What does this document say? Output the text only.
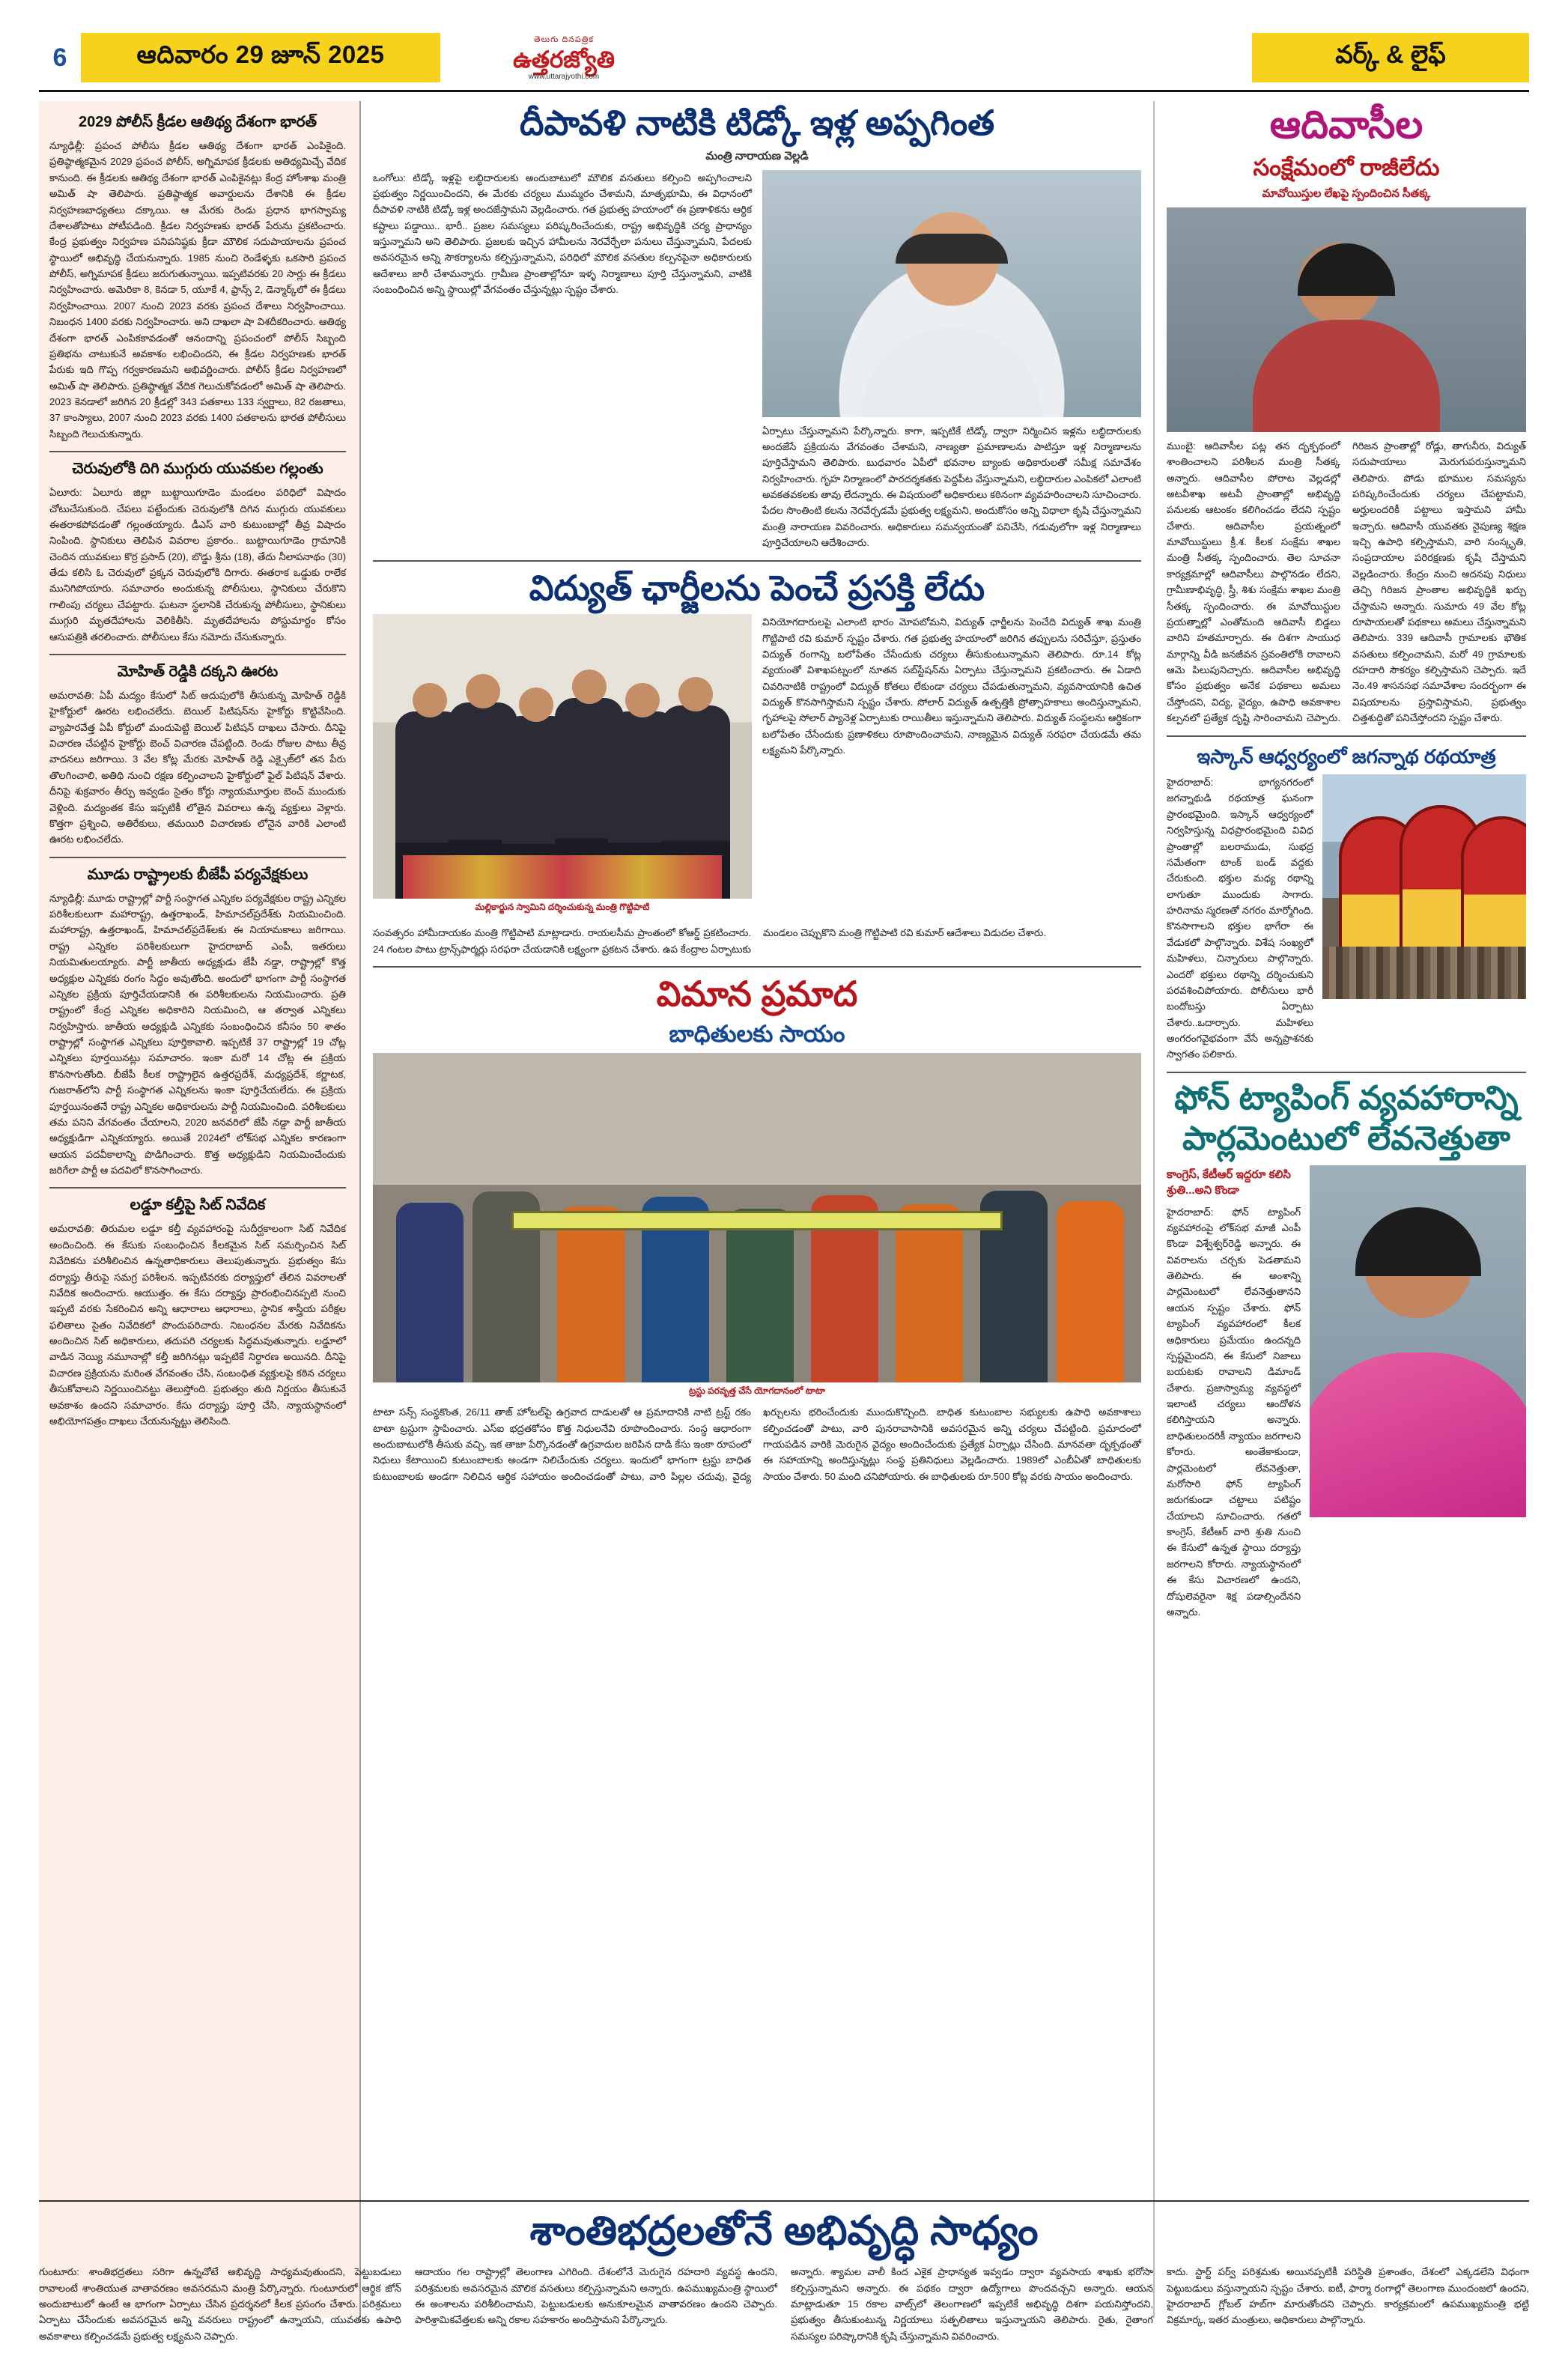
6	ఆదివారం 29 జూన్ 2025
తెలుగు దినపత్రిక
ఉత్తరజ్యోతి
www.uttarajyothi.com
వర్క్ & లైఫ్
2029 పోలీస్ క్రీడల ఆతిథ్య దేశంగా భారత్
న్యూఢిల్లీ: ప్రపంచ పోలీసు క్రీడల ఆతిథ్య దేశంగా భారత్ ఎంపికైంది. ప్రతిష్ఠాత్మకమైన 2029 ప్రపంచ పోలీస్, అగ్నిమాపక క్రీడలకు ఆతిథ్యమిచ్చే వేదిక కానుంది. ఈ క్రీడలకు ఆతిథ్య దేశంగా భారత్ ఎంపికైనట్లు కేంద్ర హోంశాఖ మంత్రి అమిత్ షా తెలిపారు. ప్రతిష్ఠాత్మక అవార్డులను దేశానికి ఈ క్రీడల నిర్వహణబాధ్యతలు దక్కాయి. ఆ మేరకు రెండు ప్రధాన భాగస్వామ్య దేశాలతోపాటు పోటీపడింది. క్రీడల నిర్వహణకు భారత్ పేరును ప్రకటించారు. కేంద్ర ప్రభుత్వం నిర్వహణ పనిపనిష్ఠకు క్రీడా మౌలిక సదుపాయాలను ప్రపంచ స్థాయిలో అభివృద్ధి చేయనున్నారు. 1985 నుంచి రెండేళ్ళకు ఒకసారి ప్రపంచ పోలీస్, అగ్నిమాపక క్రీడలు జరుగుతున్నాయి. ఇప్పటివరకు 20 సార్లు ఈ క్రీడలు నిర్వహించారు. అమెరికా 8, కెనడా 5, యూకే 4, ఫ్రాన్స్ 2, డెన్మార్క్‌లో ఈ క్రీడలు నిర్వహించాయి. 2007 నుంచి 2023 వరకు ప్రపంచ దేశాలు నిర్వహించాయి. నిబంధన 1400 వరకు నిర్వహించారు. అని దాఖలా షా విశదీకరించారు. ఆతిథ్య దేశంగా భారత్ ఎంపికకావడంతో ఆనందాన్ని ప్రపంచంలో పోలీస్ సిబ్బంది ప్రతిభను చాటుకునే అవకాశం లభించిందని, ఈ క్రీడల నిర్వహణకు భారత్ పేరుకు ఇది గొప్ప గర్వకారణమని అభివర్ణించారు. పోలీస్ క్రీడల నిర్వహణలో అమిత్ షా తెలిపారు. ప్రతిష్ఠాత్మక వేదిక గెలుచుకోవడంలో అమిత్ షా తెలిపారు. 2023 కెనడాలో జరిగిన 20 క్రీడల్లో 343 పతకాలు 133 స్వర్ణాలు, 82 రజతాలు, 37 కాంస్యాలు, 2007 నుంచి 2023 వరకు 1400 పతకాలను భారత పోలీసులు సిబ్బంది గెలుచుకున్నారు.
చెరువులోకి దిగి ముగ్గురు యువకుల గల్లంతు
ఏలూరు: ఏలూరు జిల్లా బుట్టాయిగూడెం మండలం పరిధిలో విషాదం చోటుచేసుకుంది. చేపలు పట్టేందుకు చెరువులోకి దిగిన ముగ్గురు యువకులు ఈతరాకపోవడంతో గల్లంతయ్యారు. డీఎస్ వారి కుటుంబాల్లో తీవ్ర విషాదం నింపింది. స్థానికులు తెలిపిన వివరాల ప్రకారం.. బుట్టాయిగూడెం గ్రామానికి చెందిన యువకులు కొర్ర ప్రసాద్ (20), బొడ్డు శ్రీను (18), తేదు నీలాపనాథం (30) తేడు కలిసి ఓ చెరువులో ప్రక్కన చెరువులోకి దిగారు. ఈతరాక ఒడ్డుకు రాలేక మునిగిపోయారు. సమాచారం అందుకున్న పోలీసులు, స్థానికులు చేరుకొని గాలింపు చర్యలు చేపట్టారు. ఘటనా స్థలానికి చేరుకున్న పోలీసులు, స్థానికులు ముగ్గురి మృతదేహాలను వెలికితీసి. మృతదేహాలను పోస్టుమార్టం కోసం ఆసుపత్రికి తరలించారు. పోలీసులు కేసు నమోదు చేసుకున్నారు.
మోహిత్ రెడ్డికి దక్కని ఊరట
అమరావతి: ఏపీ మద్యం కేసులో సిట్ అదుపులోకి తీసుకున్న మోహిత్ రెడ్డికి హైకోర్టులో ఊరట లభించలేదు. బెయిల్ పిటిషన్‌ను హైకోర్టు కొట్టివేసింది. వ్యాపారవేత్త ఏపీ కోర్టులో మందుపెట్టి బెయిల్ పిటిషన్ దాఖలు చేసారు. దీనిపై విచారణ చేపట్టిన హైకోర్టు బెంచ్ విచారణ చేపట్టింది. రెండు రోజుల పాటు తీవ్ర వాదనలు జరిగాయి. 3 వేల కోట్ల మేరకు మోహిత్ రెడ్డి ఎక్సైజ్‌లో తన పేరు తొలగించాలి, అతిథి నుంచి రక్షణ కల్పించాలని హైకోర్టులో ఫైల్ పిటిషన్ వేశారు. దీనిపై శుక్రవారం తీర్పు ఇవ్వడం సైతం కోర్టు న్యాయమూర్తుల బెంచ్ ముందుకు వెళ్లింది. మద్యంతక కేసు ఇప్పటికీ లోతైన వివరాలు ఉన్న వ్యక్తులు వెళ్లారు. కొత్తగా ప్రశ్నించి, అతిరేకులు, తమయిరి విచారణకు లోనైన వారికి ఎలాంటి ఊరట లభించలేదు.
మూడు రాష్ట్రాలకు బీజేపీ పర్యవేక్షకులు
న్యూఢిల్లీ: మూడు రాష్ట్రాల్లో పార్టీ సంస్థాగత ఎన్నికల పర్యవేక్షకుల రాష్ట్ర ఎన్నికల పరిశీలకులుగా మహారాష్ట్ర, ఉత్తరాఖండ్, హిమాచల్‌ప్రదేశ్‌కు నియమించింది. మహారాష్ట్ర, ఉత్తరాఖండ్, హిమాచల్‌ప్రదేశ్‌లకు ఈ నియామకాలు జరిగాయి. రాష్ట్ర ఎన్నికల పరిశీలకులుగా హైదరాబాద్ ఎంపీ, ఇతరులు నియమితులయ్యారు. పార్టీ జాతీయ అధ్యక్షుడు జేపీ నడ్డా, రాష్ట్రాల్లో కొత్త అధ్యక్షుల ఎన్నికకు రంగం సిద్ధం అవుతోంది. అందులో భాగంగా పార్టీ సంస్థాగత ఎన్నికల ప్రక్రియ పూర్తిచేయడానికి ఈ పరిశీలకులను నియమించారు. ప్రతి రాష్ట్రంలో కేంద్ర ఎన్నికల అధికారిని నియమించి, ఆ తర్వాత ఎన్నికలు నిర్వహిస్తారు. జాతీయ అధ్యక్షుడి ఎన్నికకు సంబంధించిన కనీసం 50 శాతం రాష్ట్రాల్లో సంస్థాగత ఎన్నికలు పూర్తికావాలి. ఇప్పటికే 37 రాష్ట్రాల్లో 19 చోట్ల ఎన్నికలు పూర్తయినట్లు సమాచారం. ఇంకా మరో 14 చోట్ల ఈ ప్రక్రియ కొనసాగుతోంది. బీజేపీ కీలక రాష్ట్రాలైన ఉత్తరప్రదేశ్, మధ్యప్రదేశ్, కర్ణాటక, గుజరాత్‌లోని పార్టీ సంస్థాగత ఎన్నికలను ఇంకా పూర్తిచేయలేదు. ఈ ప్రక్రియ పూర్తయినంతనే రాష్ట్ర ఎన్నికల అధికారులను పార్టీ నియమించింది. పరిశీలకులు తమ పనిని వేగవంతం చేయాలని, 2020 జనవరిలో జేపీ నడ్డా పార్టీ జాతీయ అధ్యక్షుడిగా ఎన్నికయ్యారు. అయితే 2024లో లోక్‌సభ ఎన్నికల కారణంగా ఆయన పదవీకాలాన్ని పొడిగించారు. కొత్త అధ్యక్షుడిని నియమించేందుకు జరిగేలా పార్టీ ఆ పదవిలో కొనసాగించారు.
లడ్డూ కల్తీపై సిట్ నివేదిక
అమరావతి: తిరుమల లడ్డూ కల్తీ వ్యవహారంపై సుదీర్ఘకాలంగా సిట్ నివేదిక అందించింది. ఈ కేసుకు సంబంధించిన కీలకమైన సిట్ సమర్పించిన సిట్ నివేదికను పరిశీలించిన ఉన్నతాధికారులు తెలుపుతున్నారు. ప్రభుత్వం కేసు దర్యాప్తు తీరుపై సమగ్ర పరిశీలన. ఇప్పటివరకు దర్యాప్తులో తేలిన వివరాలతో నివేదిక అందించారు. ఆయుత్తం. ఈ కేసు దర్యాప్తు ప్రారంభించినప్పటి నుంచి ఇప్పటి వరకు సేకరించిన అన్ని ఆధారాలు ఆధారాలు, స్థానిక శాస్త్రీయ పరీక్షల ఫలితాలు సైతం నివేదికలో పొందుపరిచారు. నిబంధనల మేరకు నివేదికను అందించిన సిట్ అధికారులు, తదుపరి చర్యలకు సిద్ధమవుతున్నారు. లడ్డూలో వాడిన నెయ్యి నమూనాల్లో కల్తీ జరిగినట్లు ఇప్పటికే నిర్ధారణ అయినది. దీనిపై విచారణ ప్రక్రియను మరింత వేగవంతం చేసి, సంబంధిత వ్యక్తులపై కఠిన చర్యలు తీసుకోవాలని నిర్ణయించినట్టు తెలుస్తోంది. ప్రభుత్వం తుది నిర్ణయం తీసుకునే అవకాశం ఉందని సమాచారం. కేసు దర్యాప్తు పూర్తి చేసి, న్యాయస్థానంలో అభియోగపత్రం దాఖలు చేయనున్నట్టు తెలిసింది.
దీపావళి నాటికి టిడ్కో ఇళ్ల అప్పగింత
మంత్రి నారాయణ వెల్లడి
ఒంగోలు: టిడ్కో ఇళ్లపై లబ్ధిదారులకు అందుబాటులో మౌలిక వసతులు కల్పించి అప్పగించాలని ప్రభుత్వం నిర్ణయించిందని, ఈ మేరకు చర్యలు ముమ్మరం చేశామని, మాతృభూమి, ఈ విధానంలో దీపావళి నాటికి టిడ్కో ఇళ్ల అందజేస్తామని వెల్లడించారు. గత ప్రభుత్వ హయాంలో ఈ ప్రణాళికను ఆర్థిక కష్టాలు పడ్డాయి.. భారీ.. ప్రజల సమస్యలు పరిష్కరించేందుకు, రాష్ట్ర అభివృద్ధికి చర్య ప్రాధాన్యం ఇస్తున్నామని అని తెలిపారు. ప్రజలకు ఇచ్చిన హామీలను నెరవేర్చేలా పనులు చేస్తున్నామని, పేదలకు అవసరమైన అన్ని సౌకర్యాలను కల్పిస్తున్నామని, పరిధిలో మౌలిక వసతుల కల్పనపైనా అధికారులకు ఆదేశాలు జారీ చేశామన్నారు. గ్రామీణ ప్రాంతాల్లోనూ ఇళ్ళ నిర్మాణాలు పూర్తి చేస్తున్నామని, వాటికి సంబంధించిన అన్ని స్థాయిల్లో వేగవంతం చేస్తున్నట్లు స్పష్టం చేశారు.
ఏర్పాటు చేస్తున్నామని పేర్కొన్నారు. కాగా, ఇప్పటికే టిడ్కో ద్వారా నిర్మించిన ఇళ్లను లబ్ధిదారులకు అందజేసే ప్రక్రియను వేగవంతం చేశామని, నాణ్యతా ప్రమాణాలను పాటిస్తూ ఇళ్ల నిర్మాణాలను పూర్తిచేస్తామని తెలిపారు. బుధవారం ఏపీలో భవనాల బ్యాంకు అధికారులతో సమీక్ష సమావేశం నిర్వహించారు. గృహ నిర్మాణంలో పారదర్శకతకు పెద్దపీట వేస్తున్నామని, లబ్ధిదారుల ఎంపికలో ఎలాంటి అవకతవకలకు తావు లేదన్నారు. ఈ విషయంలో అధికారులు కఠినంగా వ్యవహరించాలని సూచించారు. పేదల సొంతింటి కలను నెరవేర్చడమే ప్రభుత్వ లక్ష్యమని, అందుకోసం అన్ని విధాలా కృషి చేస్తున్నామని మంత్రి నారాయణ వివరించారు. అధికారులు సమన్వయంతో పనిచేసి, గడువులోగా ఇళ్ల నిర్మాణాలు పూర్తిచేయాలని ఆదేశించారు.
విద్యుత్ ఛార్జీలను పెంచే ప్రసక్తి లేదు
మల్లికార్జున స్వామిని దర్శించుకున్న మంత్రి గొట్టిపాటి
వినియోగదారులపై ఎలాంటి భారం మోపబోమని, విద్యుత్ ఛార్జీలను పెంచేది విద్యుత్ శాఖ మంత్రి గొట్టిపాటి రవి కుమార్ స్పష్టం చేశారు. గత ప్రభుత్వ హయాంలో జరిగిన తప్పులను సరిచేస్తూ, ప్రస్తుతం విద్యుత్ రంగాన్ని బలోపేతం చేసేందుకు చర్యలు తీసుకుంటున్నామని తెలిపారు. రూ.14 కోట్ల వ్యయంతో విశాఖపట్నంలో నూతన సబ్‌స్టేషన్‌ను ఏర్పాటు చేస్తున్నామని ప్రకటించారు. ఈ ఏడాది చివరినాటికి రాష్ట్రంలో విద్యుత్ కోతలు లేకుండా చర్యలు చేపడుతున్నామని, వ్యవసాయానికి ఉచిత విద్యుత్ కొనసాగిస్తామని స్పష్టం చేశారు. సోలార్ విద్యుత్ ఉత్పత్తికి ప్రోత్సాహకాలు అందిస్తున్నామని, గృహాలపై సోలార్ ప్యానెళ్ల ఏర్పాటుకు రాయితీలు ఇస్తున్నామని తెలిపారు. విద్యుత్ సంస్థలను ఆర్థికంగా బలోపేతం చేసేందుకు ప్రణాళికలు రూపొందించామని, నాణ్యమైన విద్యుత్ సరఫరా చేయడమే తమ లక్ష్యమని పేర్కొన్నారు.
సంవత్సరం హామీదాయకం మంత్రి గొట్టిపాటి మాట్లాడారు. రాయలసీమ ప్రాంతంలో కోఆర్డ్ ప్రకటించారు. 24 గంటల పాటు ట్రాన్స్‌ఫార్మర్లు సరఫరా చేయడానికి లక్ష్యంగా ప్రకటన చేశారు. ఉప కేంద్రాల ఏర్పాటుకు మండలం చెప్పుకొని మంత్రి గొట్టిపాటి రవి కుమార్ ఆదేశాలు విడుదల చేశారు.
విమాన ప్రమాద
బాధితులకు సాయం
ట్రస్టు పరవృత్త చేసే యోగదానంలో టాటా
టాటా సన్స్ సంస్థకొంత, 26/11 తాజ్ హోటల్‌పై ఉగ్రవాద దాడులతో ఆ ప్రమాదానికి నాటి ట్రస్ట్ రకం టాటా ట్రస్టుగా స్థాపించారు. ఎస్ఐ భద్రతకోసం కొత్త నిధులనేవి రూపొందించారు. సంస్థ ఆధారంగా అందుబాటులోకి తీసుకు వచ్చి. ఇక తాజా పేర్కొనడంతో ఉగ్రవాదుల జరిపిన దాడి కేసు ఇంకా రూపంలో నిధులు కేటాయించి కుటుంబాలకు అండగా నిలిచేందుకు చర్యలు. ఇందులో భాగంగా ట్రస్టు బాధిత కుటుంబాలకు అండగా నిలిచిన ఆర్థిక సహాయం అందించడంతో పాటు, వారి పిల్లల చదువు, వైద్య ఖర్చులను భరించేందుకు ముందుకొచ్చింది. బాధిత కుటుంబాల సభ్యులకు ఉపాధి అవకాశాలు కల్పించడంతో పాటు, వారి పునరావాసానికి అవసరమైన అన్ని చర్యలు చేపట్టింది. ప్రమాదంలో గాయపడిన వారికి మెరుగైన వైద్యం అందించేందుకు ప్రత్యేక ఏర్పాట్లు చేసింది. మానవతా దృక్పథంతో ఈ సహాయాన్ని అందిస్తున్నట్లు సంస్థ ప్రతినిధులు వెల్లడించారు. 1989లో ఎంబీఏతో బాధితులకు సాయం చేశారు. 50 మంది చనిపోయారు. ఈ బాధితులకు రూ.500 కోట్ల వరకు సాయం అందించారు.
ఆదివాసీల
సంక్షేమంలో రాజీలేదు
మావోయిస్తుల లేఖపై స్పందించిన సీతక్క
ముంబై: ఆదివాసీల ప‌ట్ల త‌న దృక్ప‌థంలో శాంతించాల‌ని ప‌రిశీల‌న మంత్రి సీత‌క్క అన్నారు. ఆదివాసీల పోరాట వెల్ల‌డ‌ల్లో అట‌వీశాఖ అట‌వీ ప్రాంతాల్లో అభివృద్ధి ప‌నుల‌కు ఆటంకం క‌లిగించ‌డం లేద‌ని స్ప‌ష్టం చేశారు. ఆదివాసీల ప్ర‌య‌త్నంలో మావోయిస్టులు క్రీ.శ. కీల‌క సంక్షేమ శాఖ‌ల మంత్రి సీత‌క్క స్పందించారు. తెల సూచ‌నా కార్య‌క్ర‌మాల్లో ఆదివాసీలు పాల్గొన‌డం లేద‌ని, గ్రామీణాభివృద్ధి, స్త్రీ, శిశు సంక్షేమ శాఖ‌ల మంత్రి సీత‌క్క స్పందించారు. ఈ మావోయిస్టుల ప్ర‌య‌త్నాల్లో ఎంతోమంది ఆదివాసీ బిడ్డ‌లు వారిని హ‌త‌మార్చారు. ఈ దిశ‌గా సాయుధ మార్గాన్ని వీడి జ‌న‌జీవ‌న స్ర‌వంతిలోకి రావాల‌ని ఆమె పిలుపునిచ్చారు. ఆదివాసీల అభివృద్ధి కోసం ప్ర‌భుత్వం అనేక ప‌థ‌కాలు అమ‌లు చేస్తోంద‌ని, విద్య, వైద్యం, ఉపాధి అవ‌కాశాల క‌ల్ప‌న‌లో ప్ర‌త్యేక దృష్టి సారించామ‌ని చెప్పారు. గిరిజ‌న ప్రాంతాల్లో రోడ్లు, తాగునీరు, విద్యుత్ స‌దుపాయాలు మెరుగుప‌రుస్తున్నామ‌ని తెలిపారు. పోడు భూముల స‌మ‌స్య‌ను ప‌రిష్క‌రించేందుకు చ‌ర్య‌లు చేప‌ట్టామ‌ని, అర్హులంద‌రికీ ప‌ట్టాలు ఇస్తామ‌ని హామీ ఇచ్చారు. ఆదివాసీ యువ‌త‌కు నైపుణ్య శిక్ష‌ణ ఇచ్చి ఉపాధి క‌ల్పిస్తామ‌ని, వారి సంస్కృతి, సంప్ర‌దాయాల ప‌రిర‌క్ష‌ణ‌కు కృషి చేస్తామ‌ని వెల్ల‌డించారు. కేంద్రం నుంచి అద‌న‌పు నిధులు తెచ్చి గిరిజ‌న ప్రాంతాల అభివృద్ధికి ఖ‌ర్చు చేస్తామ‌ని అన్నారు. సుమారు 49 వేల కోట్ల రూపాయ‌ల‌తో ప‌థ‌కాలు అమ‌లు చేస్తున్నామ‌ని తెలిపారు. 339 ఆదివాసీ గ్రామాల‌కు భౌతిక వ‌స‌తులు క‌ల్పించామ‌ని, మ‌రో 49 గ్రామాల‌కు ర‌హ‌దారి సౌక‌ర్యం క‌ల్పిస్తామ‌ని చెప్పారు. ఇదే నెం.49 శాస‌న‌స‌భ స‌మావేశాల సంద‌ర్భంగా ఈ విష‌యాల‌ను ప్ర‌స్తావిస్తామ‌ని, ప్ర‌భుత్వం చిత్త‌శుద్ధితో ప‌నిచేస్తోంద‌ని స్ప‌ష్టం చేశారు.
ఇస్కాన్ ఆధ్వర్యంలో జగన్నాథ రథయాత్ర
హైదరాబాద్: భాగ్యనగరంలో జగన్నాథుడి రథయాత్ర ఘనంగా ప్రారంభమైంది. ఇస్కాన్ ఆధ్వర్యంలో నిర్వహిస్తున్న విధ‌ప్రారంభ‌మైంది వివిధ ప్రాంతాల్లో బ‌ల‌రాముడు, సుభద్ర సమేతంగా టాంక్ బండ్ వ‌ద్ద‌కు చేరుకుంది. భ‌క్తుల మ‌ధ్య రథాన్ని లాగుతూ ముందుకు సాగారు. హ‌రినామ స్మ‌ర‌ణ‌తో నగరం మార్మోగింది. కొనసాగాల‌ని భ‌క్తుల భాగేరా ఈ వేడుక‌లో పాల్గొన్నారు. విశేష సంఖ్య‌లో మ‌హిళ‌లు, చిన్నారులు పాల్గొన్నారు. ఎందరో భ‌క్తులు ర‌థాన్ని ద‌ర్శించుకుని ప‌ర‌వ‌శించిపోయారు. పోలీసులు భారీ బందోబ‌స్తు ఏర్పాటు చేశారు..ఒదార్చారు. మ‌హిళ‌లు అంగ‌రంగ‌వైభ‌వంగా వేసే అన్న‌ప్రాశ‌న‌కు స్వాగ‌తం ప‌లికారు.
ఫోన్ ట్యాపింగ్ వ్యవహారాన్ని
పార్లమెంటులో లేవనెత్తుతా
కాంగ్రెస్, కేటీఆర్ ఇద్దరూ కలిసి శ్రుతి...అని కొండా
హైదరాబాద్: ఫోన్ ట్యాపింగ్ వ్యవహారంపై లోక్‌సభ మాజీ ఎంపీ కొండా విశ్వేశ్వ‌ర్‌రెడ్డి అన్నారు. ఈ వివ‌రాల‌ను చ‌ర్చ‌కు పెడ‌తామ‌ని తెలిపారు. ఈ అంశాన్ని పార్ల‌మెంటులో లేవ‌నెత్తుతాన‌ని ఆయ‌న స్ప‌ష్టం చేశారు. ఫోన్ ట్యాపింగ్ వ్య‌వ‌హారంలో కీల‌క అధికారులు ప్ర‌మేయం ఉంద‌న్న‌ది స్ప‌ష్ట‌మైంద‌ని, ఈ కేసులో నిజాలు బ‌య‌ట‌కు రావాల‌ని డిమాండ్ చేశారు. ప్ర‌జాస్వామ్య వ్య‌వ‌స్థ‌లో ఇలాంటి చ‌ర్య‌లు ఆందోళ‌న క‌లిగిస్తాయ‌ని అన్నారు. బాధితులంద‌రికీ న్యాయం జ‌ర‌గాల‌ని కోరారు. అంతేకాకుండా, పార్ల‌మెంట‌లో లేవ‌నెత్తుతా, మ‌రోసారి ఫోన్ ట్యాపింగ్ జ‌రుగ‌కుండా చ‌ట్టాలు ప‌టిష్టం చేయాల‌ని సూచించారు. గ‌త‌లో కాంగ్రెస్, కేటీఆర్ వారి శ్రుతి నుంచి ఈ కేసులో ఉన్న‌త స్థాయి దర్యాప్తు జ‌ర‌గాల‌ని కోరారు. న్యాయ‌స్థానంలో ఈ కేసు విచార‌ణ‌లో ఉంద‌ని, దోషులెవ‌రైనా శిక్ష ప‌డాల్సిందేన‌ని అన్నారు.
శాంతిభద్రలతోనే అభివృద్ధి సాధ్యం
గుంటూరు: శాంతిభద్రతలు సరిగా ఉన్నచోటే అభివృద్ధి సాధ్యమవుతుందని, పెట్టుబడులు రావాలంటే శాంతియుత వాతావరణం అవసరమని మంత్రి పేర్కొన్నారు. గుంటూరులో ఆర్థిక జోన్ అందుబాటులో ఉంటే ఆ భాగంగా ఏర్పాటు చేసిన ప్రదర్శనలో కీలక ప్రసంగం చేశారు. పరిశ్రమలు ఏర్పాటు చేసేందుకు అవసరమైన అన్ని వనరులు రాష్ట్రంలో ఉన్నాయని, యువతకు ఉపాధి అవకాశాలు కల్పించడమే ప్రభుత్వ లక్ష్యమని చెప్పారు.
ఆదాయం గ‌ల రాష్ట్రాల్లో తెలంగాణ ఎగిరింది. దేశంలోనే మెరుగైన ర‌హ‌దారి వ్య‌వ‌స్థ ఉంద‌ని, ప‌రిశ్ర‌మ‌ల‌కు అవ‌స‌ర‌మైన మౌలిక వ‌స‌తులు క‌ల్పిస్తున్నామ‌ని అన్నారు. ఉప‌ముఖ్య‌మంత్రి స్థాయిలో ఈ అంశాల‌ను ప‌రిశీలించామ‌ని, పెట్టుబ‌డుల‌కు అనుకూల‌మైన వాతావ‌ర‌ణం ఉంద‌ని చెప్పారు. పారిశ్రామిక‌వేత్త‌ల‌కు అన్ని ర‌కాల స‌హ‌కారం అందిస్తామ‌ని పేర్కొన్నారు.
అన్నారు. శ్యామ‌ల వాలీ కింద ఎకైక ప్రాధాన్య‌త ఇవ్వ‌డం ద్వారా వ్య‌వ‌సాయ శాఖ‌కు భ‌రోసా క‌ల్పిస్తున్నామ‌ని అన్నారు. ఈ ప‌థ‌కం ద్వారా ఉద్యోగాలు పొంద‌వ‌చ్చ‌ని అన్నారు. ఆయ‌న మాట్లాడుతూ 15 ర‌కాల వాట్స్‌లో తెలంగాణ‌లో ఇప్ప‌టికే అభివృద్ధి దిశ‌గా ప‌య‌నిస్తోంద‌ని, ప్ర‌భుత్వం తీసుకుంటున్న నిర్ణ‌యాలు స‌త్ఫ‌లితాలు ఇస్తున్నాయ‌ని తెలిపారు. రైతు, రైతాంగ స‌మ‌స్య‌ల ప‌రిష్కారానికి కృషి చేస్తున్నామ‌ని వివ‌రించారు.
కాదు. స్టార్ట్ ప‌ర్వ్ ప‌రిశ్ర‌మ‌కు అయిన‌ప్ప‌టికీ ప‌రిస్థితి ప్ర‌శాంతం, దేశంలో ఎక్క‌డ‌లేని విధంగా పెట్టుబ‌డులు వ‌స్తున్నాయ‌ని స్ప‌ష్టం చేశారు. ఐటీ, ఫార్మా రంగాల్లో తెలంగాణ ముందంజ‌లో ఉంద‌ని, హైద‌రాబాద్ గ్లోబ‌ల్ హ‌బ్‌గా మారుతోంద‌ని చెప్పారు. కార్య‌క్ర‌మంలో ఉప‌ముఖ్య‌మంత్రి భ‌ట్టి విక్ర‌మార్క‌, ఇత‌ర మంత్రులు, అధికారులు పాల్గొన్నారు.
